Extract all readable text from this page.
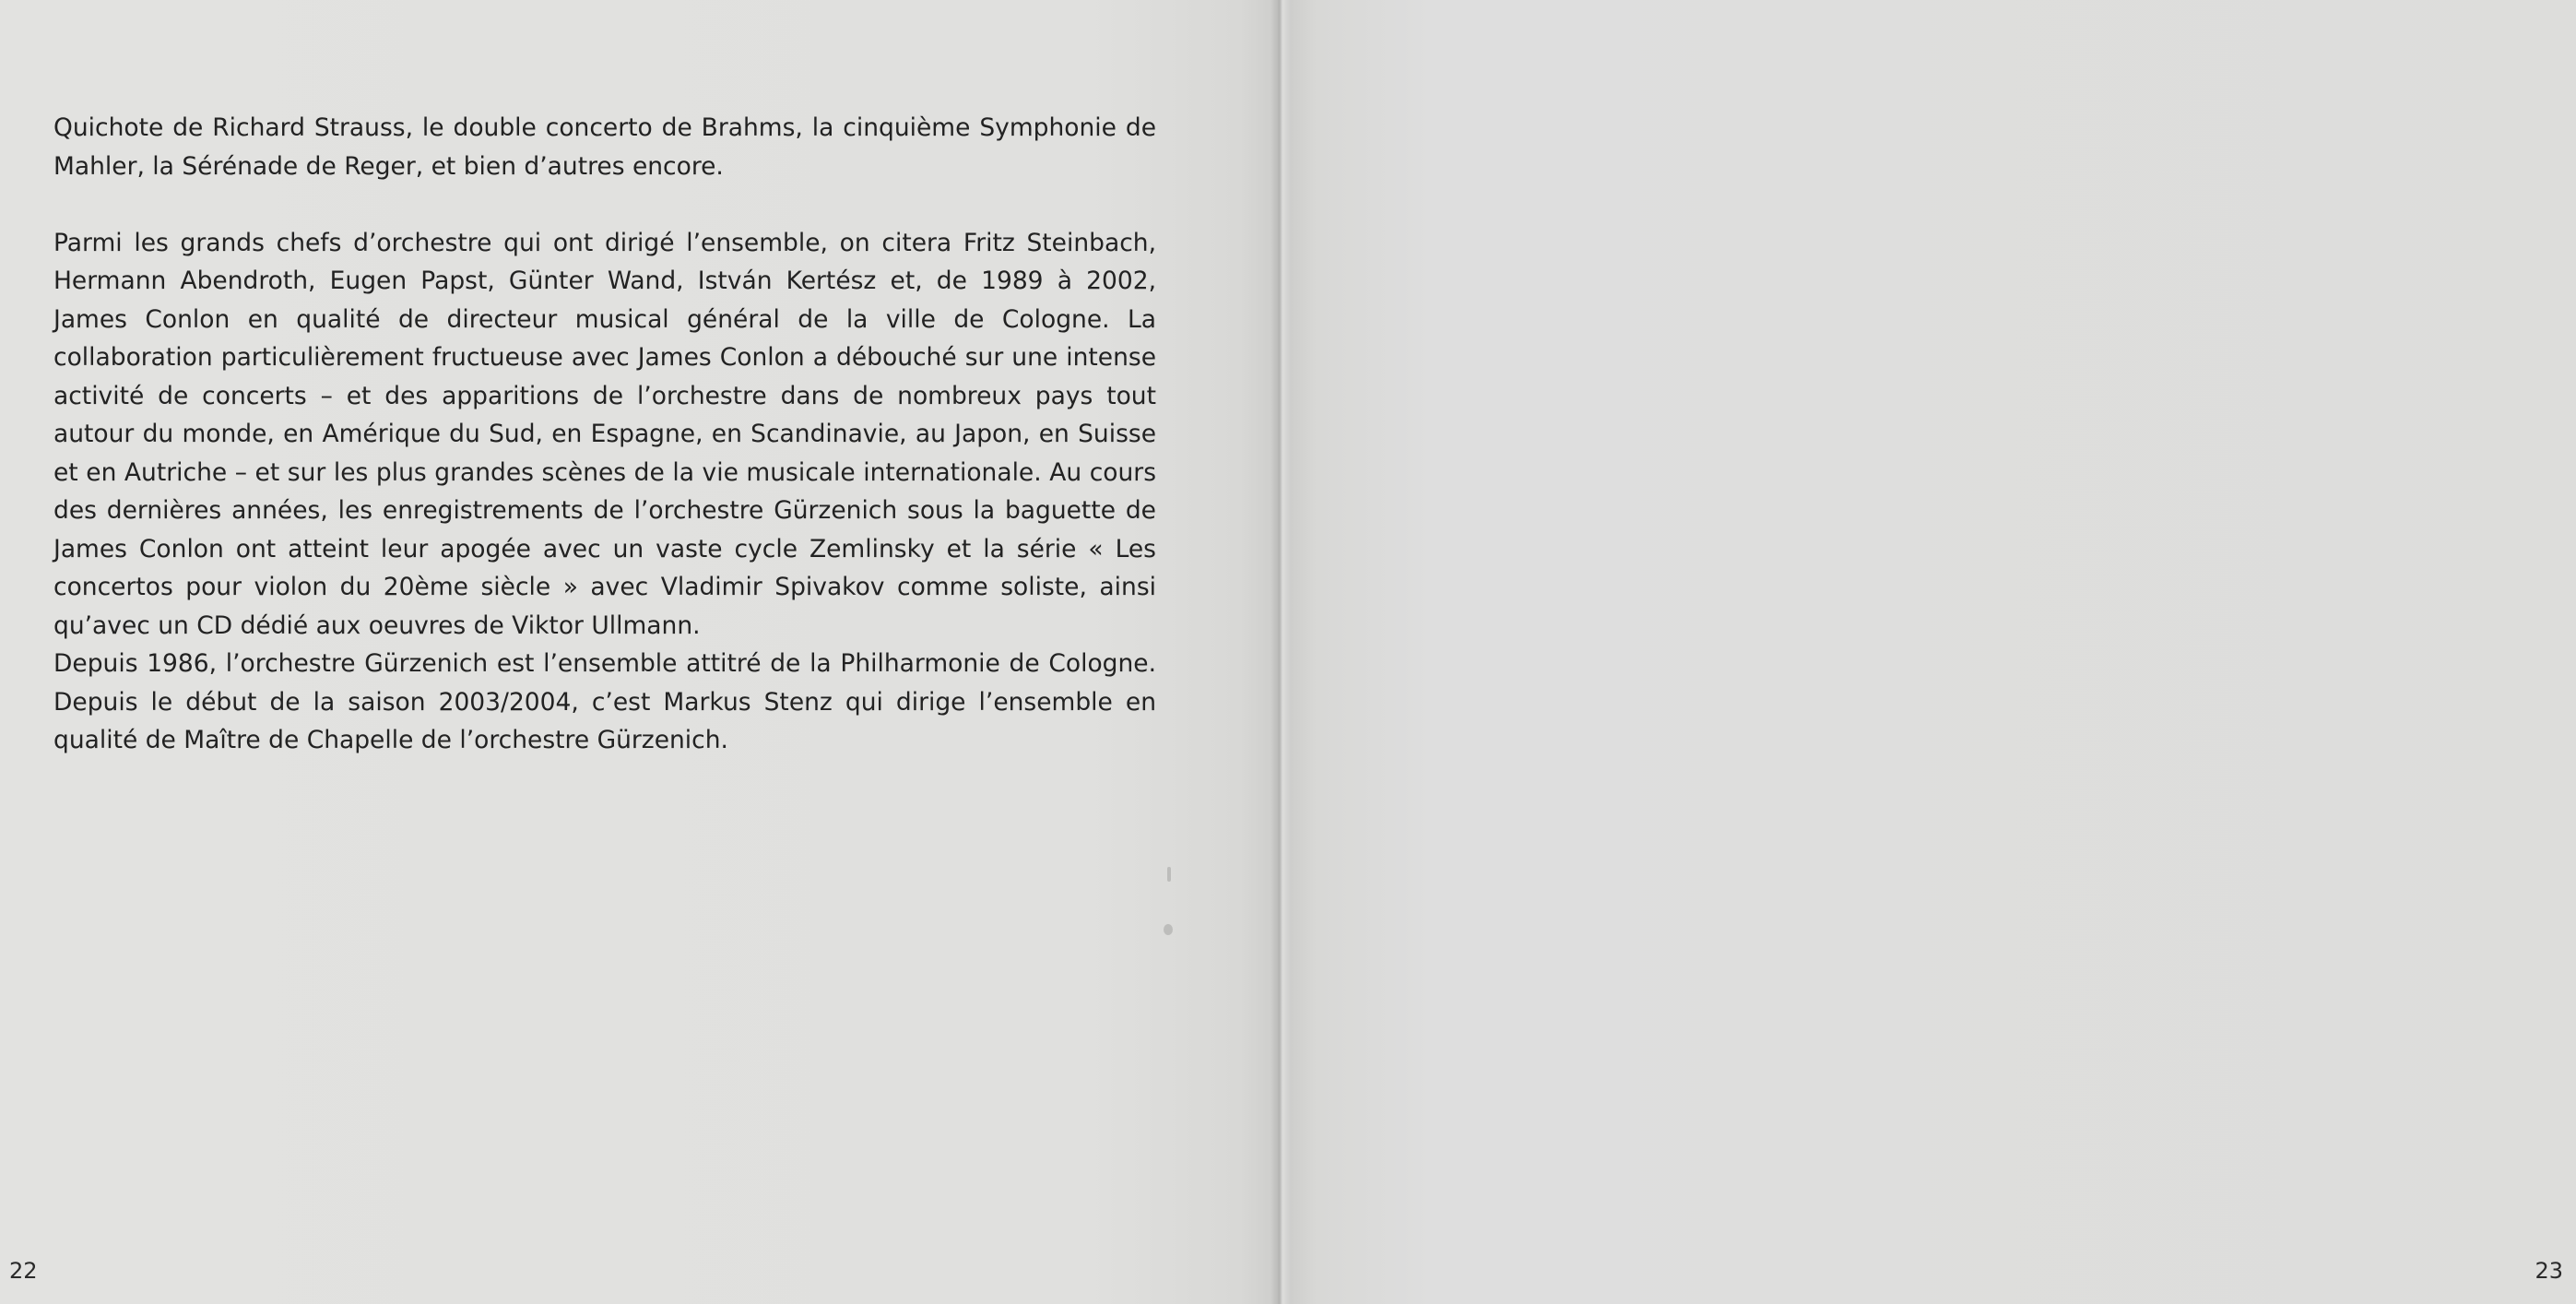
Quichote de Richard Strauss, le double concerto de Brahms, la cinquième Symphonie de Mahler, la Sérénade de Reger, et bien d’autres encore.

Parmi les grands chefs d’orchestre qui ont dirigé l’ensemble, on citera Fritz Steinbach, Hermann Abendroth, Eugen Papst, Günter Wand, István Kertész et, de 1989 à 2002, James Conlon en qualité de directeur musical général de la ville de Cologne. La collaboration particulièrement fructueuse avec James Conlon a débouché sur une intense activité de concerts – et des apparitions de l’orchestre dans de nombreux pays tout autour du monde, en Amérique du Sud, en Espagne, en Scandinavie, au Japon, en Suisse et en Autriche – et sur les plus grandes scènes de la vie musicale internationale. Au cours des dernières années, les enregistrements de l’orchestre Gürzenich sous la baguette de James Conlon ont atteint leur apogée avec un vaste cycle Zemlinsky et la série « Les concertos pour violon du 20ème siècle » avec Vladimir Spivakov comme soliste, ainsi qu’avec un CD dédié aux oeuvres de Viktor Ullmann.

Depuis 1986, l’orchestre Gürzenich est l’ensemble attitré de la Philharmonie de Cologne. Depuis le début de la saison 2003/2004, c’est Markus Stenz qui dirige l’ensemble en qualité de Maître de Chapelle de l’orchestre Gürzenich.

22	23
